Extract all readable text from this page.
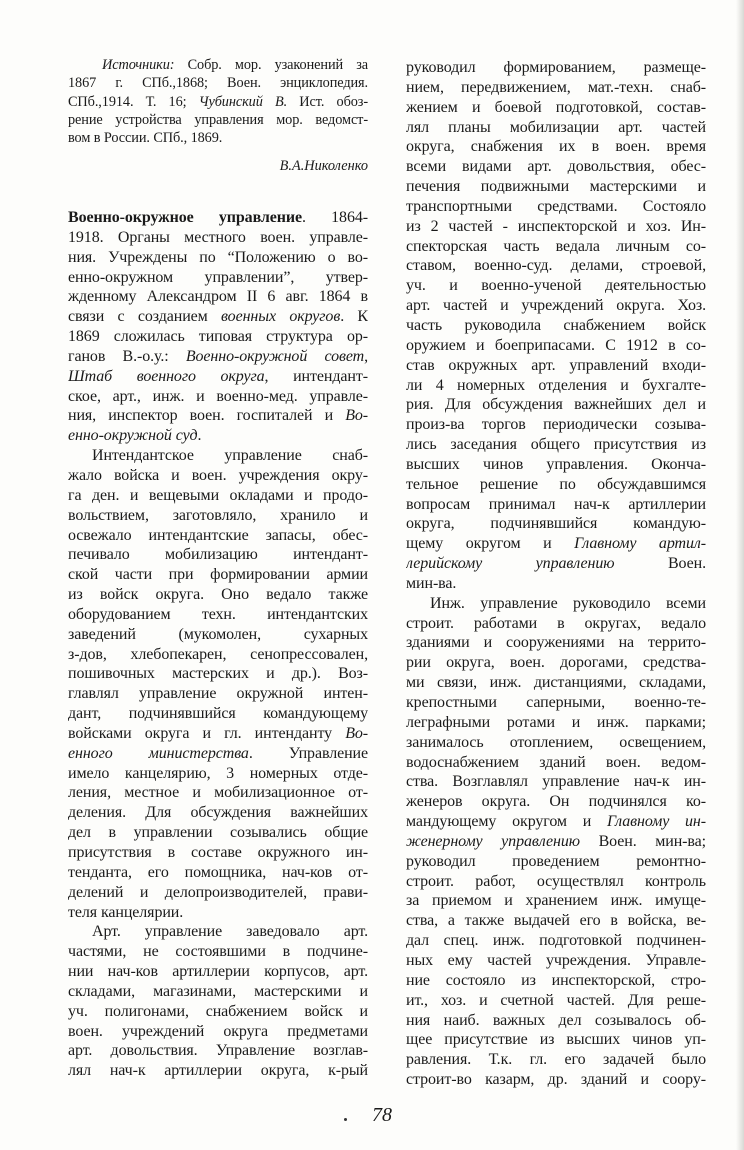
Источники: Собр. мор. узаконений за
1867 г. СПб.,1868; Воен. энциклопедия.
СПб.,1914. Т. 16; Чубинский В. Ист. обоз-
рение устройства управления мор. ведомст-
вом в России. СПб., 1869.
В.А.Николенко
Военно-окружное управление. 1864-
1918. Органы местного воен. управле-
ния. Учреждены по “Положению о во-
енно-окружном управлении”, утвер-
жденному Александром II 6 авг. 1864 в
связи с созданием военных округов. К
1869 сложилась типовая структура ор-
ганов В.-о.у.: Военно-окружной совет,
Штаб военного округа, интендант-
ское, арт., инж. и военно-мед. управле-
ния, инспектор воен. госпиталей и Во-
енно-окружной суд.
Интендантское управление снаб-
жало войска и воен. учреждения окру-
га ден. и вещевыми окладами и продо-
вольствием, заготовляло, хранило и
освежало интендантские запасы, обес-
печивало мобилизацию интендант-
ской части при формировании армии
из войск округа. Оно ведало также
оборудованием техн. интендантских
заведений (мукомолен, сухарных
з-дов, хлебопекарен, сенопрессовален,
пошивочных мастерских и др.). Воз-
главлял управление окружной интен-
дант, подчинявшийся командующему
войсками округа и гл. интенданту Во-
енного министерства. Управление
имело канцелярию, 3 номерных отде-
ления, местное и мобилизационное от-
деления. Для обсуждения важнейших
дел в управлении созывались общие
присутствия в составе окружного ин-
тенданта, его помощника, нач-ков от-
делений и делопроизводителей, прави-
теля канцелярии.
Арт. управление заведовало арт.
частями, не состоявшими в подчине-
нии нач-ков артиллерии корпусов, арт.
складами, магазинами, мастерскими и
уч. полигонами, снабжением войск и
воен. учреждений округа предметами
арт. довольствия. Управление возглав-
лял нач-к артиллерии округа, к-рый
руководил формированием, размеще-
нием, передвижением, мат.-техн. снаб-
жением и боевой подготовкой, состав-
лял планы мобилизации арт. частей
округа, снабжения их в воен. время
всеми видами арт. довольствия, обес-
печения подвижными мастерскими и
транспортными средствами. Состояло
из 2 частей - инспекторской и хоз. Ин-
спекторская часть ведала личным со-
ставом, военно-суд. делами, строевой,
уч. и военно-ученой деятельностью
арт. частей и учреждений округа. Хоз.
часть руководила снабжением войск
оружием и боеприпасами. С 1912 в со-
став окружных арт. управлений входи-
ли 4 номерных отделения и бухгалте-
рия. Для обсуждения важнейших дел и
произ-ва торгов периодически созыва-
лись заседания общего присутствия из
высших чинов управления. Оконча-
тельное решение по обсуждавшимся
вопросам принимал нач-к артиллерии
округа, подчинявшийся командую-
щему округом и Главному артил-
лерийскому управлению Воен.
мин-ва.
Инж. управление руководило всеми
строит. работами в округах, ведало
зданиями и сооружениями на террито-
рии округа, воен. дорогами, средства-
ми связи, инж. дистанциями, складами,
крепостными саперными, военно-те-
леграфными ротами и инж. парками;
занималось отоплением, освещением,
водоснабжением зданий воен. ведом-
ства. Возглавлял управление нач-к ин-
женеров округа. Он подчинялся ко-
мандующему округом и Главному ин-
женерному управлению Воен. мин-ва;
руководил проведением ремонтно-
строит. работ, осуществлял контроль
за приемом и хранением инж. имуще-
ства, а также выдачей его в войска, ве-
дал спец. инж. подготовкой подчинен-
ных ему частей учреждения. Управле-
ние состояло из инспекторской, стро-
ит., хоз. и счетной частей. Для реше-
ния наиб. важных дел созывалось об-
щее присутствие из высших чинов уп-
равления. Т.к. гл. его задачей было
строит-во казарм, др. зданий и соору-
78
